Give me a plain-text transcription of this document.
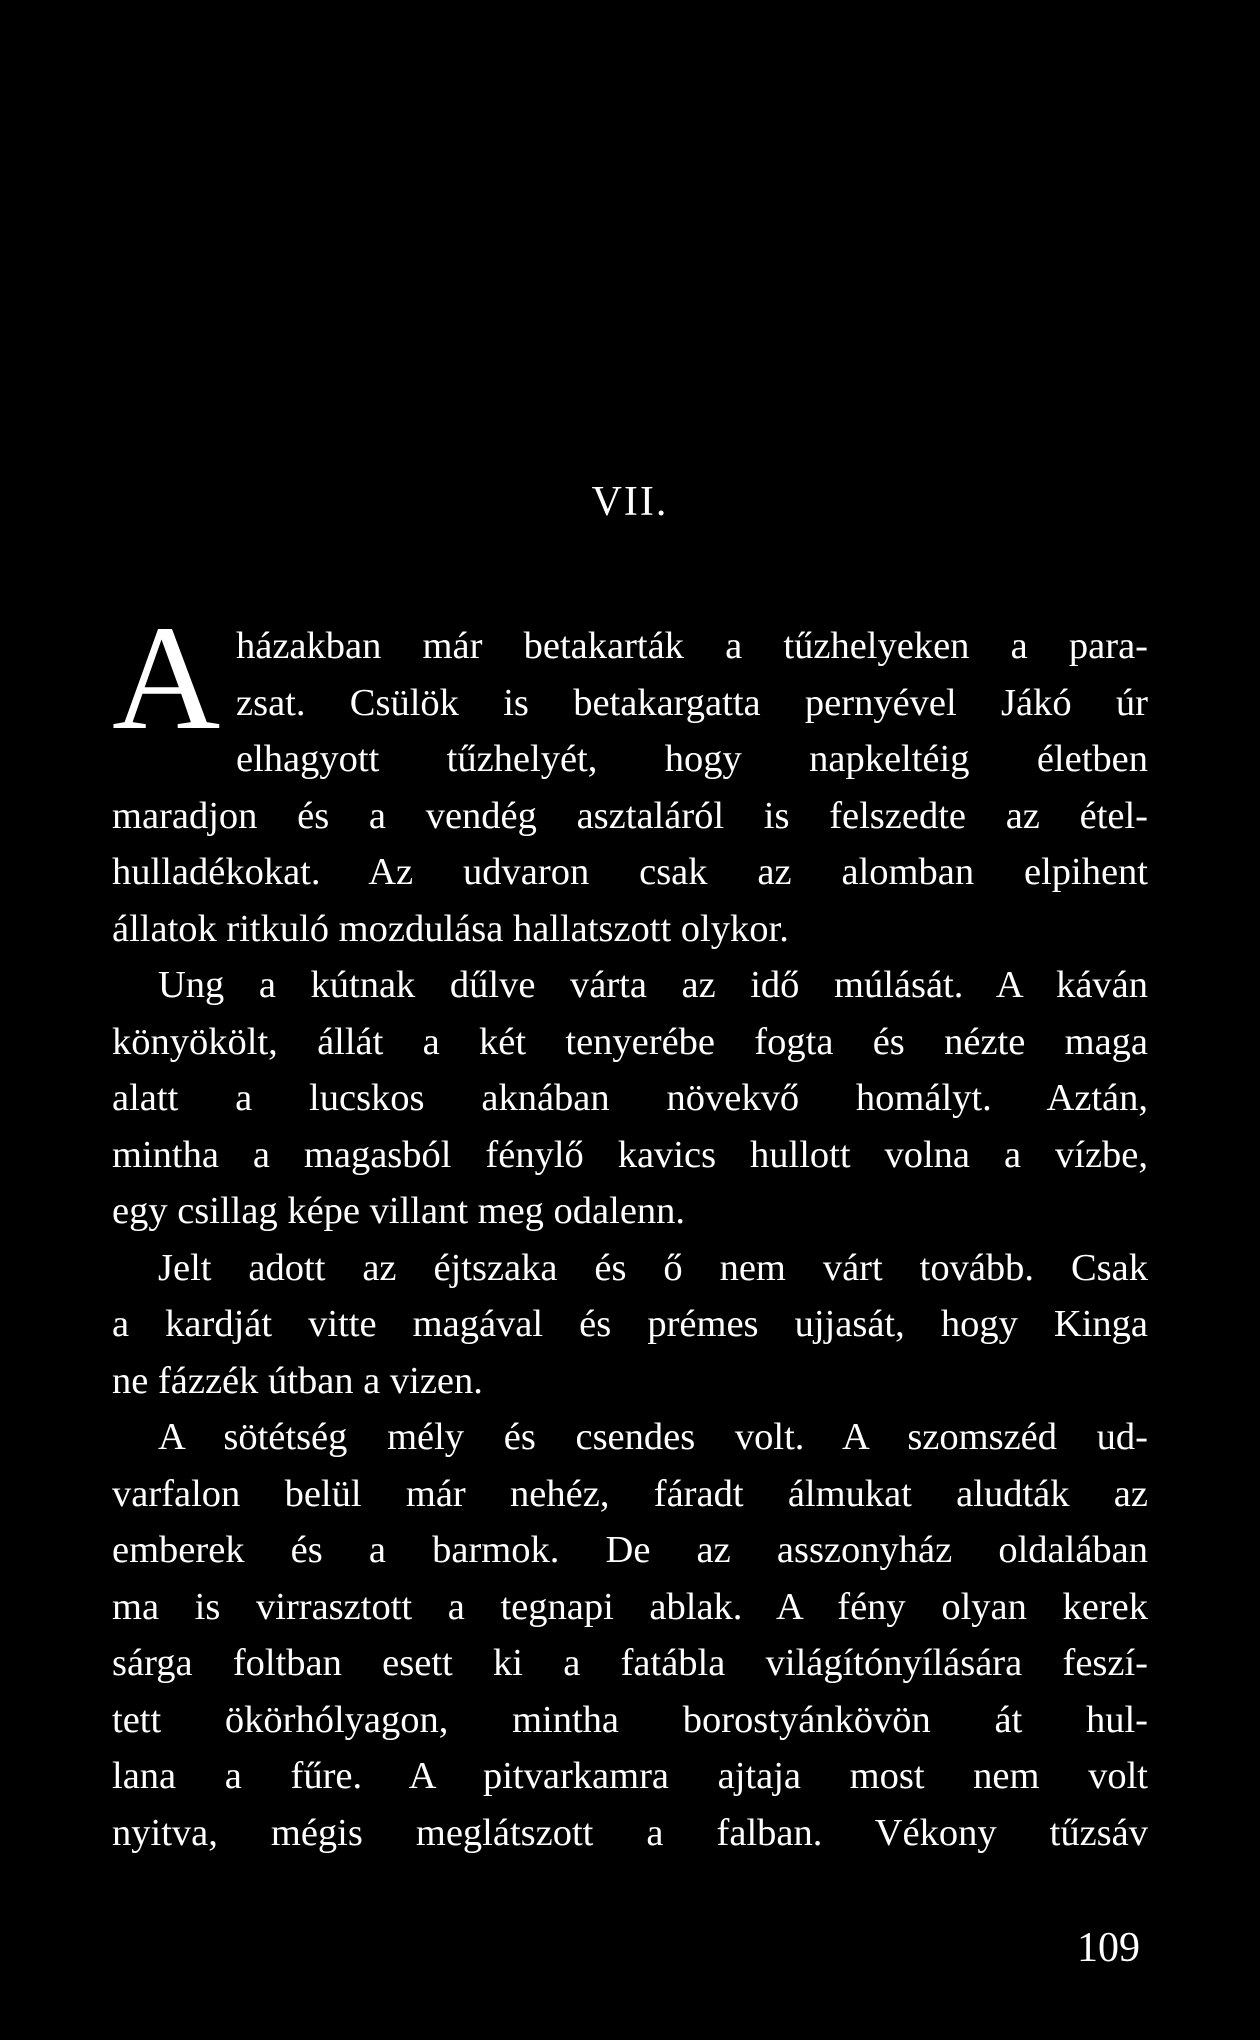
VII.
A házakban már betakarták a tűzhelyeken a para-
zsat. Csülök is betakargatta pernyével Jákó úr
elhagyott tűzhelyét, hogy napkeltéig életben
maradjon és a vendég asztaláról is felszedte az étel-
hulladékokat. Az udvaron csak az alomban elpihent
állatok ritkuló mozdulása hallatszott olykor.
Ung a kútnak dűlve várta az idő múlását. A káván
könyökölt, állát a két tenyerébe fogta és nézte maga
alatt a lucskos aknában növekvő homályt. Aztán,
mintha a magasból fénylő kavics hullott volna a vízbe,
egy csillag képe villant meg odalenn.
Jelt adott az éjtszaka és ő nem várt tovább. Csak
a kardját vitte magával és prémes ujjasát, hogy Kinga
ne fázzék útban a vizen.
A sötétség mély és csendes volt. A szomszéd ud-
varfalon belül már nehéz, fáradt álmukat aludták az
emberek és a barmok. De az asszonyház oldalában
ma is virrasztott a tegnapi ablak. A fény olyan kerek
sárga foltban esett ki a fatábla világítónyílására feszí-
tett ökörhólyagon, mintha borostyánkövön át hul-
lana a fűre. A pitvarkamra ajtaja most nem volt
nyitva, mégis meglátszott a falban. Vékony tűzsáv
109
